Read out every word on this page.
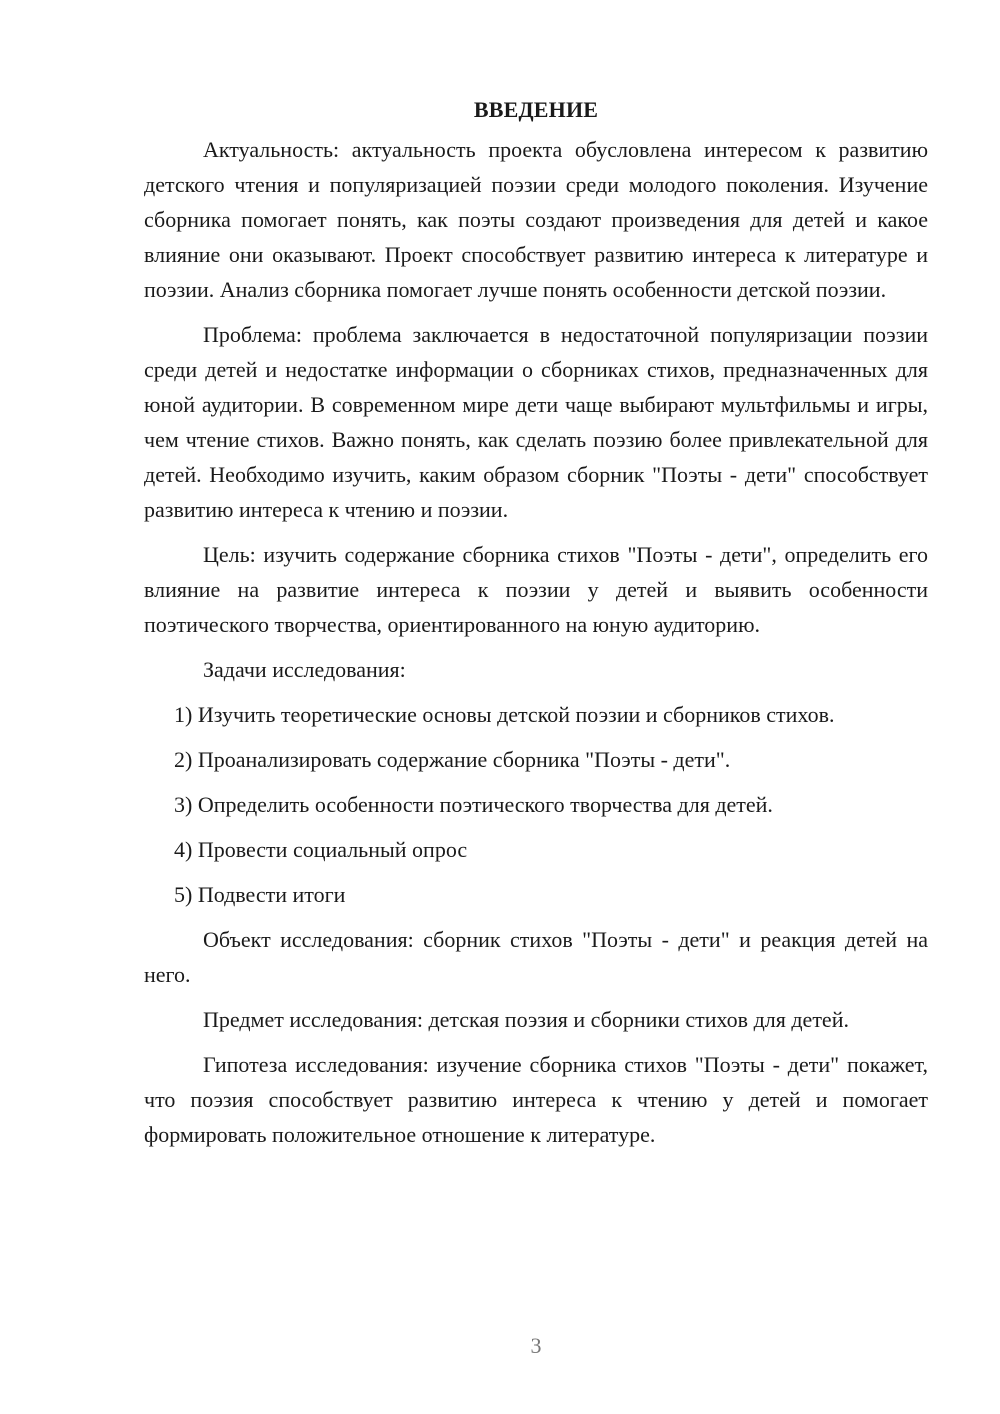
ВВЕДЕНИЕ

Актуальность: актуальность проекта обусловлена интересом к развитию детского чтения и популяризацией поэзии среди молодого поколения. Изучение сборника помогает понять, как поэты создают произведения для детей и какое влияние они оказывают. Проект способствует развитию интереса к литературе и поэзии. Анализ сборника помогает лучше понять особенности детской поэзии.

Проблема: проблема заключается в недостаточной популяризации поэзии среди детей и недостатке информации о сборниках стихов, предназначенных для юной аудитории. В современном мире дети чаще выбирают мультфильмы и игры, чем чтение стихов. Важно понять, как сделать поэзию более привлекательной для детей. Необходимо изучить, каким образом сборник "Поэты - дети" способствует развитию интереса к чтению и поэзии.

Цель: изучить содержание сборника стихов "Поэты - дети", определить его влияние на развитие интереса к поэзии у детей и выявить особенности поэтического творчества, ориентированного на юную аудиторию.

Задачи исследования:

1) Изучить теоретические основы детской поэзии и сборников стихов.
2) Проанализировать содержание сборника "Поэты - дети".
3) Определить особенности поэтического творчества для детей.
4) Провести социальный опрос
5) Подвести итоги

Объект исследования: сборник стихов "Поэты - дети" и реакция детей на него.

Предмет исследования: детская поэзия и сборники стихов для детей.

Гипотеза исследования: изучение сборника стихов "Поэты - дети" покажет, что поэзия способствует развитию интереса к чтению у детей и помогает формировать положительное отношение к литературе.

3
